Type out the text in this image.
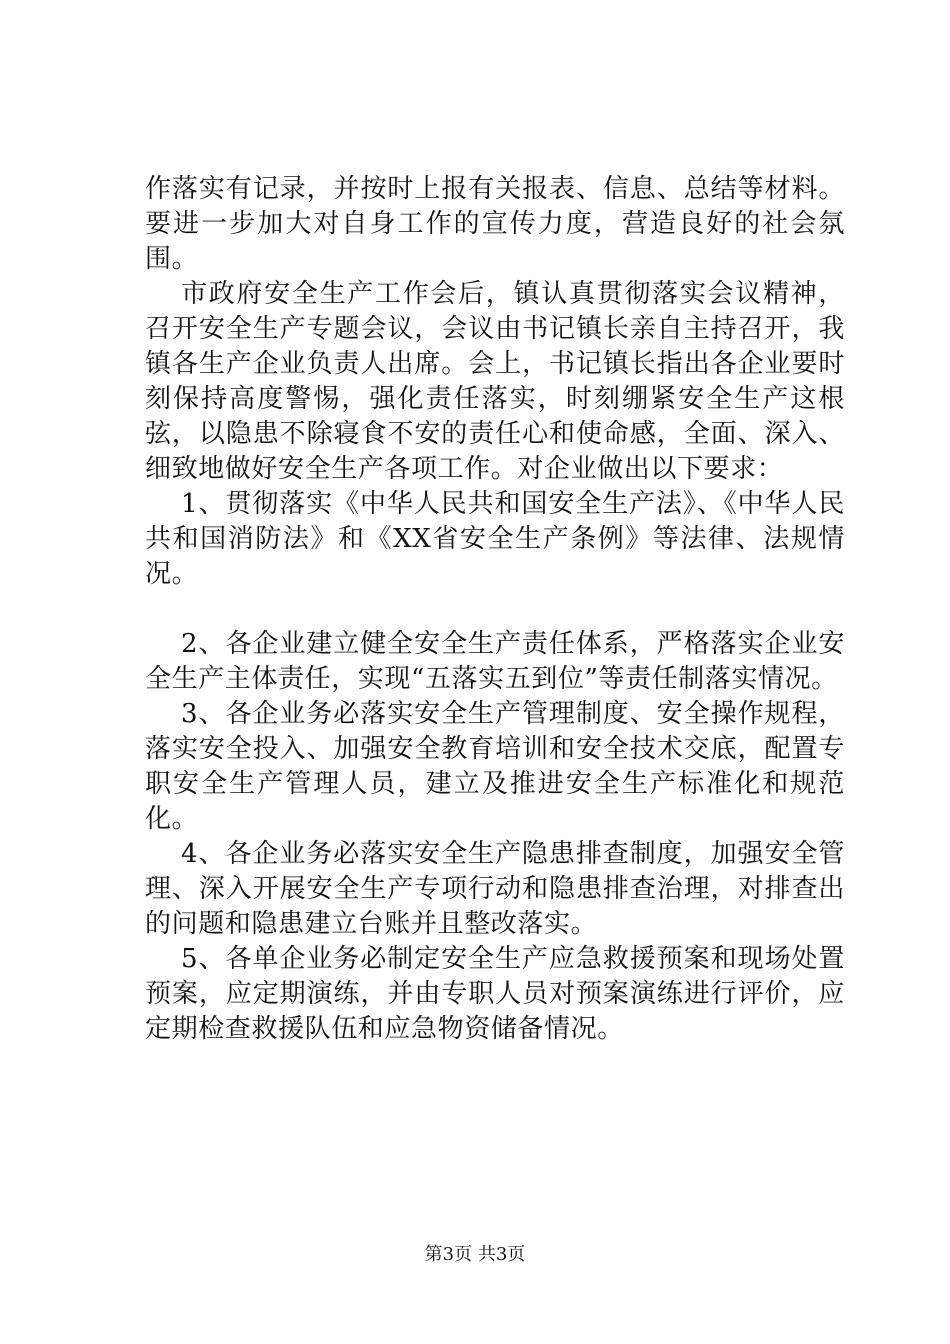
作落实有记录，并按时上报有关报表、信息、总结等材料。要进一步加大对自身工作的宣传力度，营造良好的社会氛围。

市政府安全生产工作会后，镇认真贯彻落实会议精神，召开安全生产专题会议，会议由书记镇长亲自主持召开，我镇各生产企业负责人出席。会上，书记镇长指出各企业要时刻保持高度警惕，强化责任落实，时刻绷紧安全生产这根弦，以隐患不除寝食不安的责任心和使命感，全面、深入、细致地做好安全生产各项工作。对企业做出以下要求：

1、贯彻落实《中华人民共和国安全生产法》、《中华人民共和国消防法》和《XX省安全生产条例》等法律、法规情况。

2、各企业建立健全安全生产责任体系，严格落实企业安全生产主体责任，实现“五落实五到位”等责任制落实情况。

3、各企业务必落实安全生产管理制度、安全操作规程，落实安全投入、加强安全教育培训和安全技术交底，配置专职安全生产管理人员，建立及推进安全生产标准化和规范化。

4、各企业务必落实安全生产隐患排查制度，加强安全管理、深入开展安全生产专项行动和隐患排查治理，对排查出的问题和隐患建立台账并且整改落实。

5、各单企业务必制定安全生产应急救援预案和现场处置预案，应定期演练，并由专职人员对预案演练进行评价，应定期检查救援队伍和应急物资储备情况。

第3页 共3页
